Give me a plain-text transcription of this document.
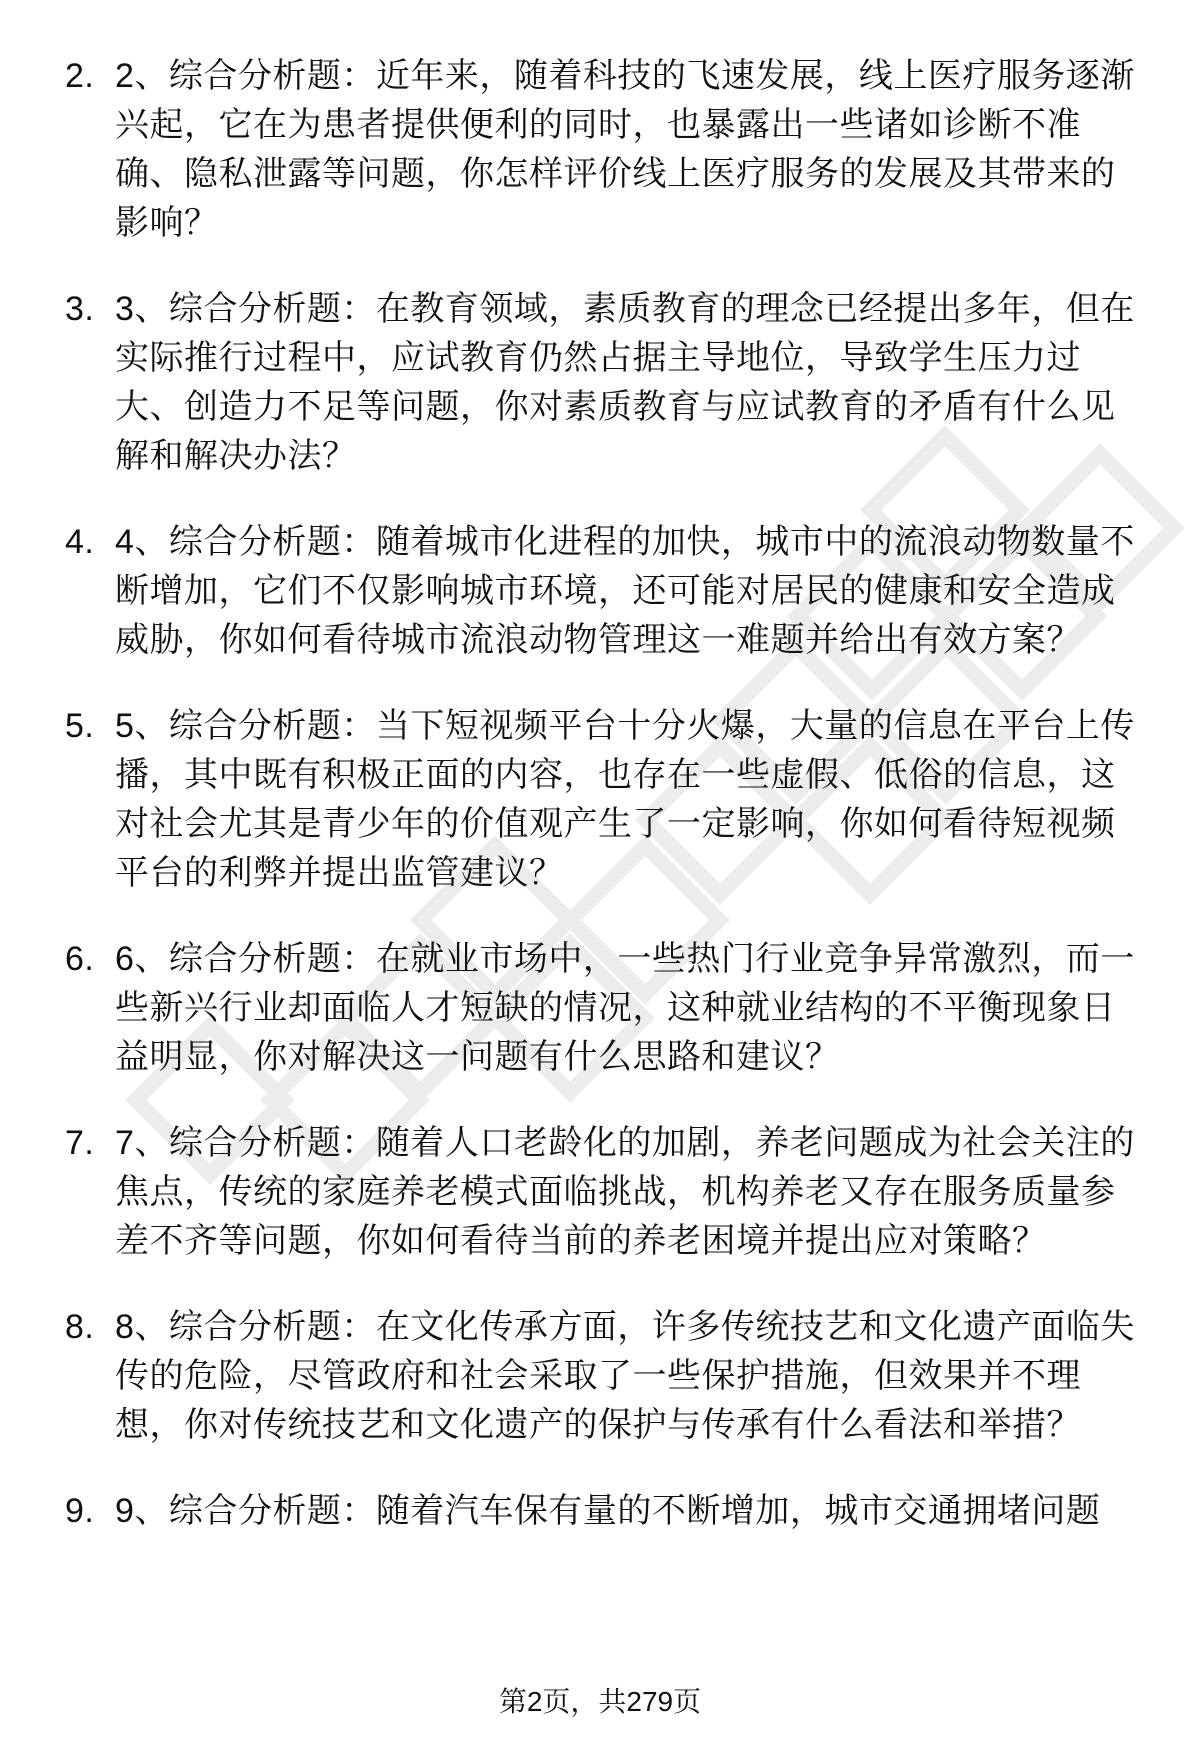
2. 2、综合分析题：近年来，随着科技的飞速发展，线上医疗服务逐渐兴起，它在为患者提供便利的同时，也暴露出一些诸如诊断不准确、隐私泄露等问题，你怎样评价线上医疗服务的发展及其带来的影响？
3. 3、综合分析题：在教育领域，素质教育的理念已经提出多年，但在实际推行过程中，应试教育仍然占据主导地位，导致学生压力过大、创造力不足等问题，你对素质教育与应试教育的矛盾有什么见解和解决办法？
4. 4、综合分析题：随着城市化进程的加快，城市中的流浪动物数量不断增加，它们不仅影响城市环境，还可能对居民的健康和安全造成威胁，你如何看待城市流浪动物管理这一难题并给出有效方案？
5. 5、综合分析题：当下短视频平台十分火爆，大量的信息在平台上传播，其中既有积极正面的内容，也存在一些虚假、低俗的信息，这对社会尤其是青少年的价值观产生了一定影响，你如何看待短视频平台的利弊并提出监管建议？
6. 6、综合分析题：在就业市场中，一些热门行业竞争异常激烈，而一些新兴行业却面临人才短缺的情况，这种就业结构的不平衡现象日益明显，你对解决这一问题有什么思路和建议？
7. 7、综合分析题：随着人口老龄化的加剧，养老问题成为社会关注的焦点，传统的家庭养老模式面临挑战，机构养老又存在服务质量参差不齐等问题，你如何看待当前的养老困境并提出应对策略？
8. 8、综合分析题：在文化传承方面，许多传统技艺和文化遗产面临失传的危险，尽管政府和社会采取了一些保护措施，但效果并不理想，你对传统技艺和文化遗产的保护与传承有什么看法和举措？
9. 9、综合分析题：随着汽车保有量的不断增加，城市交通拥堵问题
第2页，共279页
